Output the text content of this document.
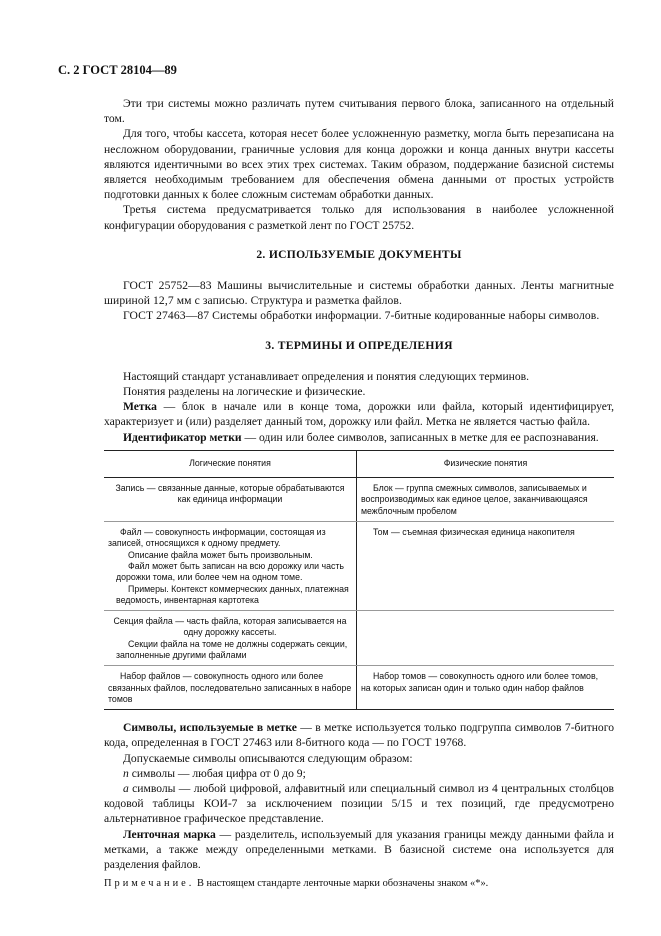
С. 2 ГОСТ 28104—89

Эти три системы можно различать путем считывания первого блока, записанного на отдельный том.

Для того, чтобы кассета, которая несет более усложненную разметку, могла быть перезаписана на несложном оборудовании, граничные условия для конца дорожки и конца данных внутри кассеты являются идентичными во всех этих трех системах. Таким образом, поддержание базисной системы является необходимым требованием для обеспечения обмена данными от простых устройств подготовки данных к более сложным системам обработки данных.

Третья система предусматривается только для использования в наиболее усложненной конфигурации оборудования с разметкой лент по ГОСТ 25752.

2. ИСПОЛЬЗУЕМЫЕ ДОКУМЕНТЫ

ГОСТ 25752—83 Машины вычислительные и системы обработки данных. Ленты магнитные шириной 12,7 мм с записью. Структура и разметка файлов.

ГОСТ 27463—87 Системы обработки информации. 7-битные кодированные наборы символов.

3. ТЕРМИНЫ И ОПРЕДЕЛЕНИЯ

Настоящий стандарт устанавливает определения и понятия следующих терминов.

Понятия разделены на логические и физические.

Метка — блок в начале или в конце тома, дорожки или файла, который идентифицирует, характеризует и (или) разделяет данный том, дорожку или файл. Метка не является частью файла.

Идентификатор метки — один или более символов, записанных в метке для ее распознавания.

Логические понятия	Физические понятия
Запись — связанные данные, которые обрабатываются как единица информации	Блок — группа смежных символов, записываемых и воспроизводимых как единое целое, заканчивающаяся межблочным пробелом

Файл — совокупность информации, состоящая из записей, относящихся к одному предмету.
Описание файла может быть произвольным.
Файл может быть записан на всю дорожку или часть дорожки тома, или более чем на одном томе.
Примеры. Контекст коммерческих данных, платежная ведомость, инвентарная картотека	Том — съемная физическая единица накопителя

Секция файла — часть файла, которая записывается на одну дорожку кассеты.
Секции файла на томе не должны содержать секции, заполненные другими файлами	

Набор файлов — совокупность одного или более связанных файлов, последовательно записанных в наборе томов	Набор томов — совокупность одного или более томов, на которых записан один и только один набор файлов

Символы, используемые в метке — в метке используется только подгруппа символов 7-битного кода, определенная в ГОСТ 27463 или 8-битного кода — по ГОСТ 19768.

Допускаемые символы описываются следующим образом:

n символы — любая цифра от 0 до 9;

a символы — любой цифровой, алфавитный или специальный символ из 4 центральных столбцов кодовой таблицы КОИ-7 за исключением позиции 5/15 и тех позиций, где предусмотрено альтернативное графическое представление.

Ленточная марка — разделитель, используемый для указания границы между данными файла и метками, а также между определенными метками. В базисной системе она используется для разделения файлов.

Примечание. В настоящем стандарте ленточные марки обозначены знаком «*».
